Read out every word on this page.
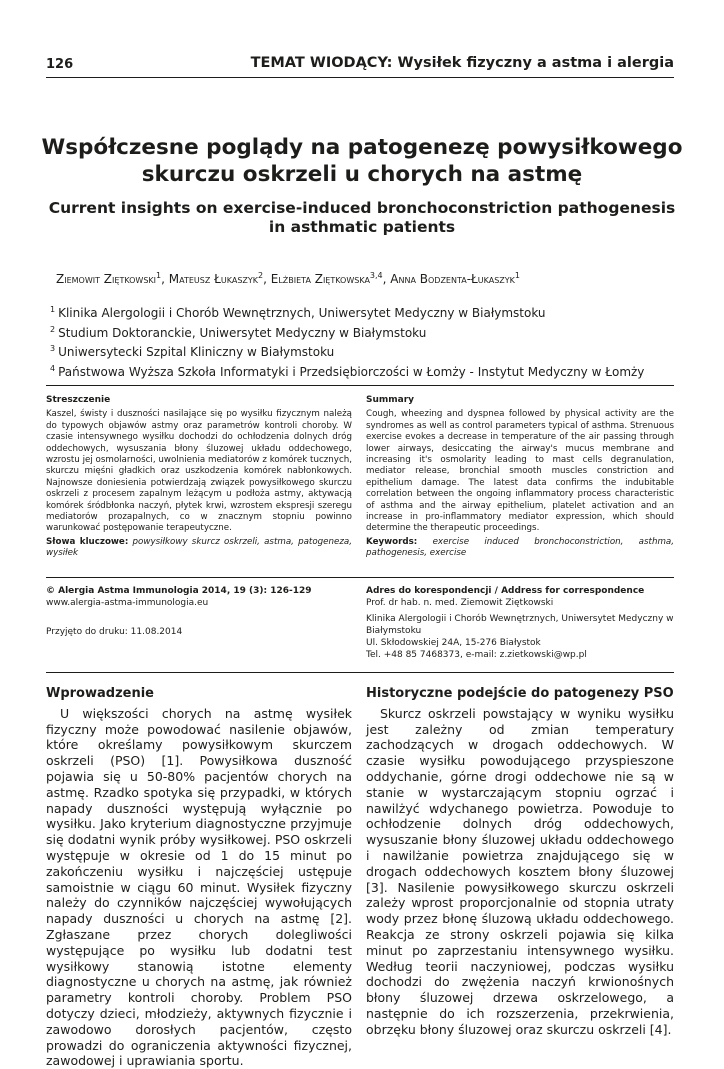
126	TEMAT WIODĄCY: Wysiłek fizyczny a astma i alergia
Współczesne poglądy na patogenezę powysiłkowego
skurczu oskrzeli u chorych na astmę
Current insights on exercise-induced bronchoconstriction pathogenesis
in asthmatic patients
Ziemowit Ziętkowski$^1$, Mateusz Łukaszyk$^2$, Elżbieta Ziętkowska$^{3,4}$, Anna Bodzenta-Łukaszyk$^1$
$^1$ Klinika Alergologii i Chorób Wewnętrznych, Uniwersytet Medyczny w Białymstoku
$^2$ Studium Doktoranckie, Uniwersytet Medyczny w Białymstoku
$^3$ Uniwersytecki Szpital Kliniczny w Białymstoku
$^4$ Państwowa Wyższa Szkoła Informatyki i Przedsiębiorczości w Łomży - Instytut Medyczny w Łomży
Streszczenie

Kaszel, świsty i duszności nasilające się po wysiłku fizycznym należą do typowych objawów astmy oraz parametrów kontroli choroby. W czasie intensywnego wysiłku dochodzi do ochłodzenia dolnych dróg oddechowych, wysuszania błony śluzowej układu oddechowego, wzrostu jej osmolarności, uwolnienia mediatorów z komórek tucznych, skurczu mięśni gładkich oraz uszkodzenia komórek nabłonkowych. Najnowsze doniesienia potwierdzają związek powysiłkowego skurczu oskrzeli z procesem zapalnym leżącym u podłoża astmy, aktywacją komórek śródbłonka naczyń, płytek krwi, wzrostem ekspresji szeregu mediatorów prozapalnych, co w znacznym stopniu powinno warunkować postępowanie terapeutyczne.

Słowa kluczowe: powysiłkowy skurcz oskrzeli, astma, patogeneza, wysiłek

Summary

Cough, wheezing and dyspnea followed by physical activity are the syndromes as well as control parameters typical of asthma. Strenuous exercise evokes a decrease in temperature of the air passing through lower airways, desiccating the airway's mucus membrane and increasing it's osmolarity leading to mast cells degranulation, mediator release, bronchial smooth muscles constriction and epithelium damage. The latest data confirms the indubitable correlation between the ongoing inflammatory process characteristic of asthma and the airway epithelium, platelet activation and an increase in pro-inflammatory mediator expression, which should determine the therapeutic proceedings.

Keywords: exercise induced bronchoconstriction, asthma, pathogenesis, exercise

© Alergia Astma Immunologia 2014, 19 (3): 126-129
www.alergia-astma-immunologia.eu
Przyjęto do druku: 11.08.2014
Adres do korespondencji / Address for correspondence
Prof. dr hab. n. med. Ziemowit Ziętkowski
Klinika Alergologii i Chorób Wewnętrznych, Uniwersytet Medyczny w Białymstoku
Ul. Skłodowskiej 24A, 15-276 Białystok
Tel. +48 85 7468373, e-mail: z.zietkowski@wp.pl
Wprowadzenie

U większości chorych na astmę wysiłek fizyczny może powodować nasilenie objawów, które określamy powysiłkowym skurczem oskrzeli (PSO) [1]. Powysiłkowa duszność pojawia się u 50-80% pacjentów chorych na astmę. Rzadko spotyka się przypadki, w których napady duszności występują wyłącznie po wysiłku. Jako kryterium diagnostyczne przyjmuje się dodatni wynik próby wysiłkowej. PSO oskrzeli występuje w okresie od 1 do 15 minut po zakończeniu wysiłku i najczęściej ustępuje samoistnie w ciągu 60 minut. Wysiłek fizyczny należy do czynników najczęściej wywołujących napady duszności u chorych na astmę [2]. Zgłaszane przez chorych dolegliwości występujące po wysiłku lub dodatni test wysiłkowy stanowią istotne elementy diagnostyczne u chorych na astmę, jak również parametry kontroli choroby. Problem PSO dotyczy dzieci, młodzieży, aktywnych fizycznie i zawodowo dorosłych pacjentów, często prowadzi do ograniczenia aktywności fizycznej, zawodowej i uprawiania sportu.

Historyczne podejście do patogenezy PSO

Skurcz oskrzeli powstający w wyniku wysiłku jest zależny od zmian temperatury zachodzących w drogach oddechowych. W czasie wysiłku powodującego przyspieszone oddychanie, górne drogi oddechowe nie są w stanie w wystarczającym stopniu ogrzać i nawilżyć wdychanego powietrza. Powoduje to ochłodzenie dolnych dróg oddechowych, wysuszanie błony śluzowej układu oddechowego i nawilżanie powietrza znajdującego się w drogach oddechowych kosztem błony śluzowej [3]. Nasilenie powysiłkowego skurczu oskrzeli zależy wprost proporcjonalnie od stopnia utraty wody przez błonę śluzową układu oddechowego. Reakcja ze strony oskrzeli pojawia się kilka minut po zaprzestaniu intensywnego wysiłku. Według teorii naczyniowej, podczas wysiłku dochodzi do zwężenia naczyń krwionośnych błony śluzowej drzewa oskrzelowego, a następnie do ich rozszerzenia, przekrwienia, obrzęku błony śluzowej oraz skurczu oskrzeli [4].
